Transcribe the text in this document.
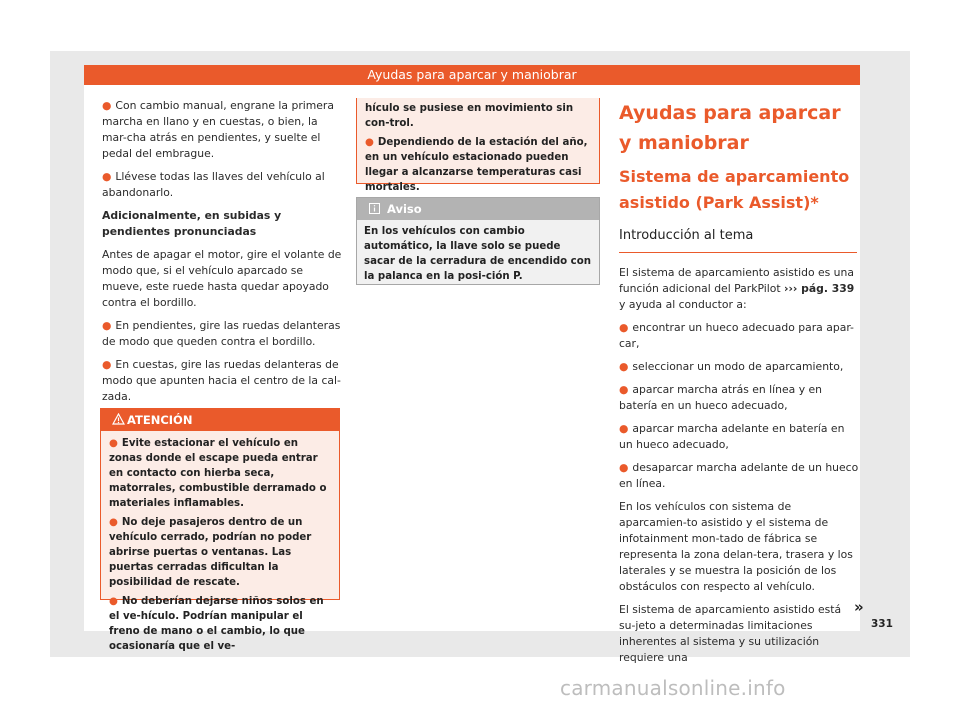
Ayudas para aparcar y maniobrar

● Con cambio manual, engrane la primera marcha en llano y en cuestas, o bien, la mar-cha atrás en pendientes, y suelte el pedal del embrague.

● Llévese todas las llaves del vehículo al abandonarlo.

Adicionalmente, en subidas y pendientes pronunciadas

Antes de apagar el motor, gire el volante de modo que, si el vehículo aparcado se mueve, este ruede hasta quedar apoyado contra el bordillo.

● En pendientes, gire las ruedas delanteras de modo que queden contra el bordillo.

● En cuestas, gire las ruedas delanteras de modo que apunten hacia el centro de la cal-zada.

ATENCIÓN

● Evite estacionar el vehículo en zonas donde el escape pueda entrar en contacto con hierba seca, matorrales, combustible derramado o materiales inflamables.

● No deje pasajeros dentro de un vehículo cerrado, podrían no poder abrirse puertas o ventanas. Las puertas cerradas dificultan la posibilidad de rescate.

● No deberían dejarse niños solos en el ve-hículo. Podrían manipular el freno de mano o el cambio, lo que ocasionaría que el ve-

hículo se pusiese en movimiento sin con-trol.

● Dependiendo de la estación del año, en un vehículo estacionado pueden llegar a alcanzarse temperaturas casi mortales.

Aviso
En los vehículos con cambio automático, la llave solo se puede sacar de la cerradura de encendido con la palanca en la posi-ción P.
Ayudas para aparcar y maniobrar
Sistema de aparcamiento asistido (Park Assist)*
Introducción al tema

El sistema de aparcamiento asistido es una función adicional del ParkPilot ››› pág. 339 y ayuda al conductor a:

● encontrar un hueco adecuado para apar-car,

● seleccionar un modo de aparcamiento,

● aparcar marcha atrás en línea y en batería en un hueco adecuado,

● aparcar marcha adelante en batería en un hueco adecuado,

● desaparcar marcha adelante de un hueco en línea.

En los vehículos con sistema de aparcamien-to asistido y el sistema de infotainment mon-tado de fábrica se representa la zona delan-tera, trasera y los laterales y se muestra la posición de los obstáculos con respecto al vehículo.

El sistema de aparcamiento asistido está su-jeto a determinadas limitaciones inherentes al sistema y su utilización requiere una

»
331
carmanualsonline.info
